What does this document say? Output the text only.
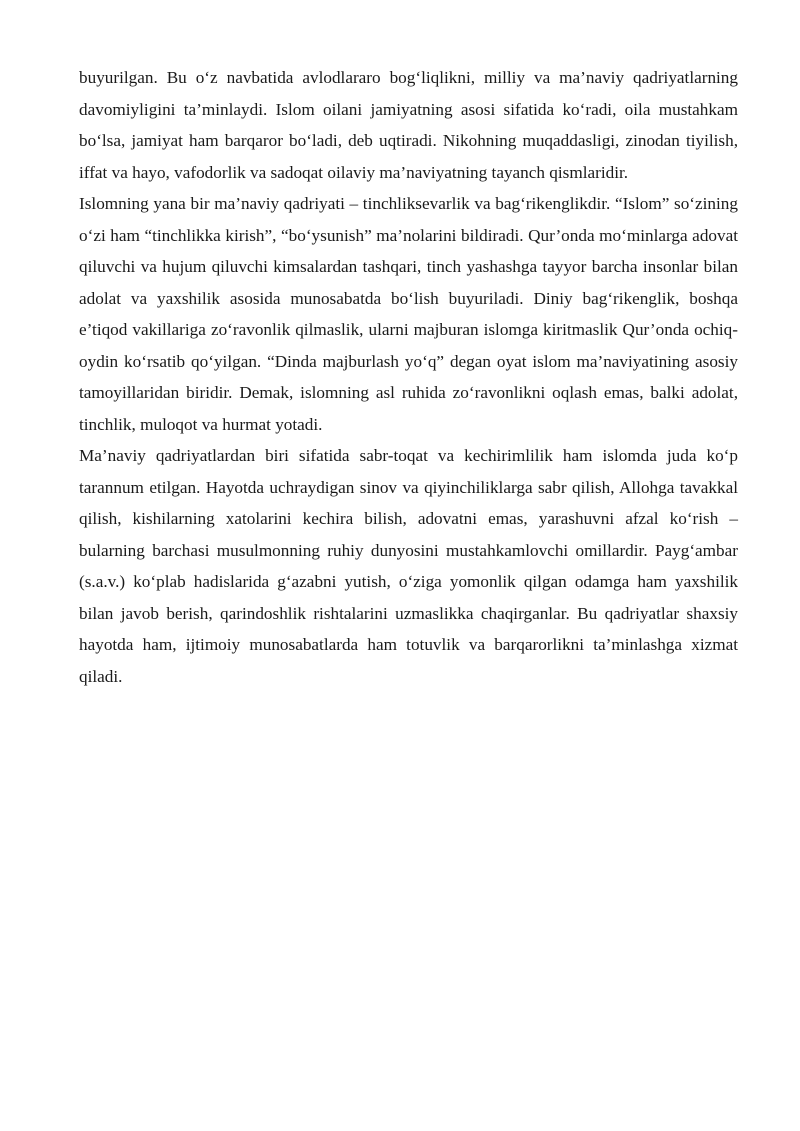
buyurilgan. Bu o‘z navbatida avlodlararo bog‘liqlikni, milliy va ma’naviy qadriyatlarning davomiyligini ta’minlaydi. Islom oilani jamiyatning asosi sifatida ko‘radi, oila mustahkam bo‘lsa, jamiyat ham barqaror bo‘ladi, deb uqtiradi. Nikohning muqaddasligi, zinodan tiyilish, iffat va hayo, vafodorlik va sadoqat oilaviy ma’naviyatning tayanch qismlaridir.

Islomning yana bir ma’naviy qadriyati – tinchliksevarlik va bag‘rikenglikdir. “Islom” so‘zining o‘zi ham “tinchlikka kirish”, “bo‘ysunish” ma’nolarini bildiradi. Qur’onda mo‘minlarga adovat qiluvchi va hujum qiluvchi kimsalardan tashqari, tinch yashashga tayyor barcha insonlar bilan adolat va yaxshilik asosida munosabatda bo‘lish buyuriladi. Diniy bag‘rikenglik, boshqa e’tiqod vakillariga zo‘ravonlik qilmaslik, ularni majburan islomga kiritmaslik Qur’onda ochiq-oydin ko‘rsatib qo‘yilgan. “Dinda majburlash yo‘q” degan oyat islom ma’naviyatining asosiy tamoyillaridan biridir. Demak, islomning asl ruhida zo‘ravonlikni oqlash emas, balki adolat, tinchlik, muloqot va hurmat yotadi.

Ma’naviy qadriyatlardan biri sifatida sabr-toqat va kechirimlilik ham islomda juda ko‘p tarannum etilgan. Hayotda uchraydigan sinov va qiyinchiliklarga sabr qilish, Allohga tavakkal qilish, kishilarning xatolarini kechira bilish, adovatni emas, yarashuvni afzal ko‘rish – bularning barchasi musulmonning ruhiy dunyosini mustahkamlovchi omillardir. Payg‘ambar (s.a.v.) ko‘plab hadislarida g‘azabni yutish, o‘ziga yomonlik qilgan odamga ham yaxshilik bilan javob berish, qarindoshlik rishtalarini uzmaslikka chaqirganlar. Bu qadriyatlar shaxsiy hayotda ham, ijtimoiy munosabatlarda ham totuvlik va barqarorlikni ta’minlashga xizmat qiladi.
